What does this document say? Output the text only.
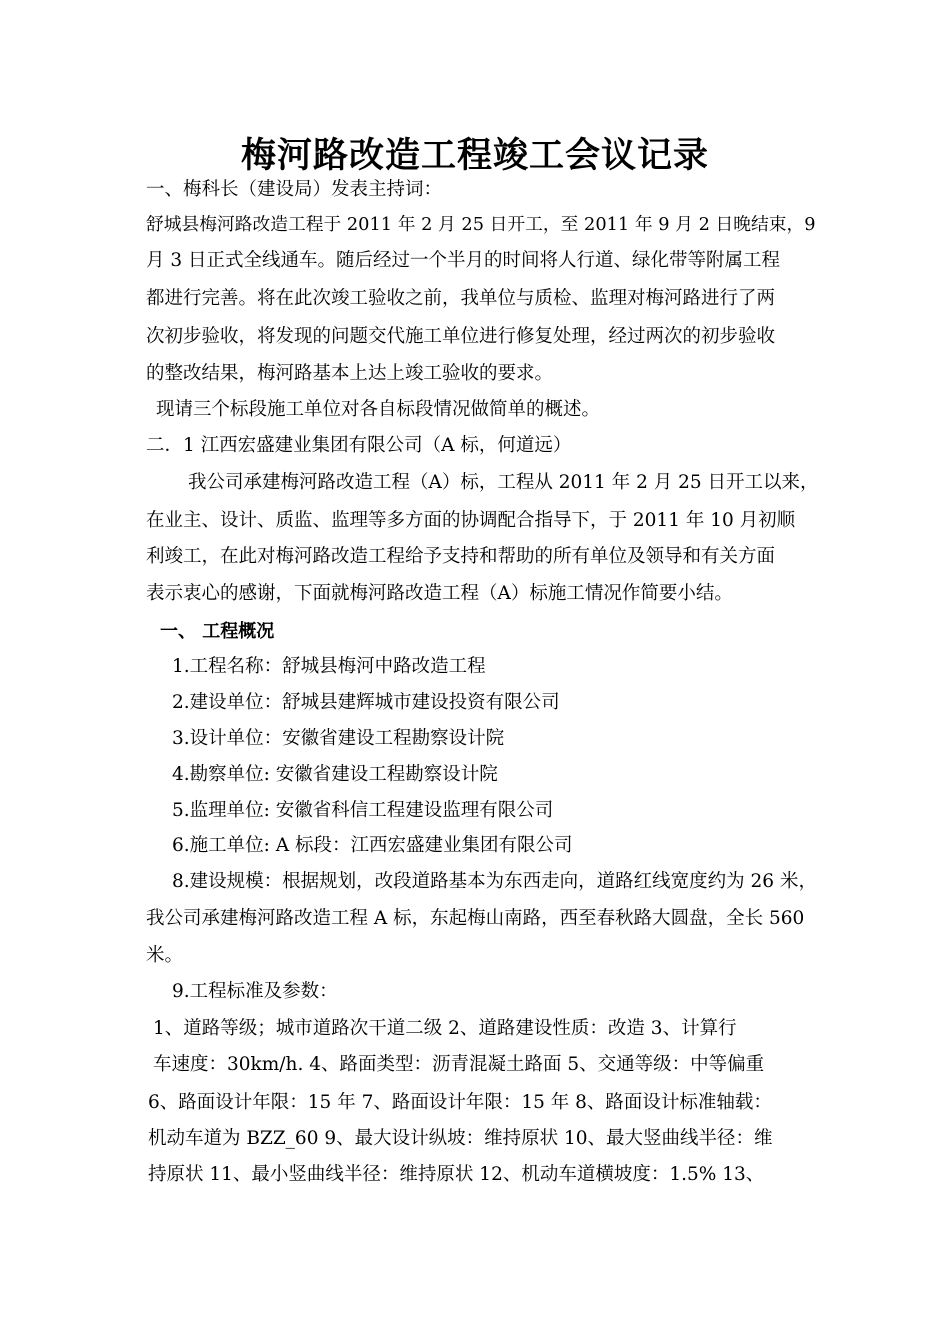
梅河路改造工程竣工会议记录
一、梅科长（建设局）发表主持词：
舒城县梅河路改造工程于 2011 年 2 月 25 日开工，至 2011 年 9 月 2 日晚结束，9
月 3 日正式全线通车。随后经过一个半月的时间将人行道、绿化带等附属工程
都进行完善。将在此次竣工验收之前，我单位与质检、监理对梅河路进行了两
次初步验收，将发现的问题交代施工单位进行修复处理，经过两次的初步验收
的整改结果，梅河路基本上达上竣工验收的要求。
现请三个标段施工单位对各自标段情况做简单的概述。
二．1 江西宏盛建业集团有限公司（A 标，何道远）
我公司承建梅河路改造工程（A）标，工程从 2011 年 2 月 25 日开工以来，
在业主、设计、质监、监理等多方面的协调配合指导下，于 2011 年 10 月初顺
利竣工，在此对梅河路改造工程给予支持和帮助的所有单位及领导和有关方面
表示衷心的感谢，下面就梅河路改造工程（A）标施工情况作简要小结。
一、 工程概况
1.工程名称：舒城县梅河中路改造工程
2.建设单位：舒城县建辉城市建设投资有限公司
3.设计单位：安徽省建设工程勘察设计院
4.勘察单位: 安徽省建设工程勘察设计院
5.监理单位: 安徽省科信工程建设监理有限公司
6.施工单位: A 标段：江西宏盛建业集团有限公司
8.建设规模：根据规划，改段道路基本为东西走向，道路红线宽度约为 26 米，
我公司承建梅河路改造工程 A 标，东起梅山南路，西至春秋路大圆盘，全长 560
米。
9.工程标准及参数：
1、道路等级；城市道路次干道二级 2、道路建设性质：改造 3、计算行
车速度：30km/h. 4、路面类型：沥青混凝土路面 5、交通等级：中等偏重
6、路面设计年限：15 年 7、路面设计年限：15 年 8、路面设计标准轴载：
机动车道为 BZZ_60 9、最大设计纵坡：维持原状 10、最大竖曲线半径：维
持原状 11、最小竖曲线半径：维持原状 12、机动车道横坡度：1.5% 13、
